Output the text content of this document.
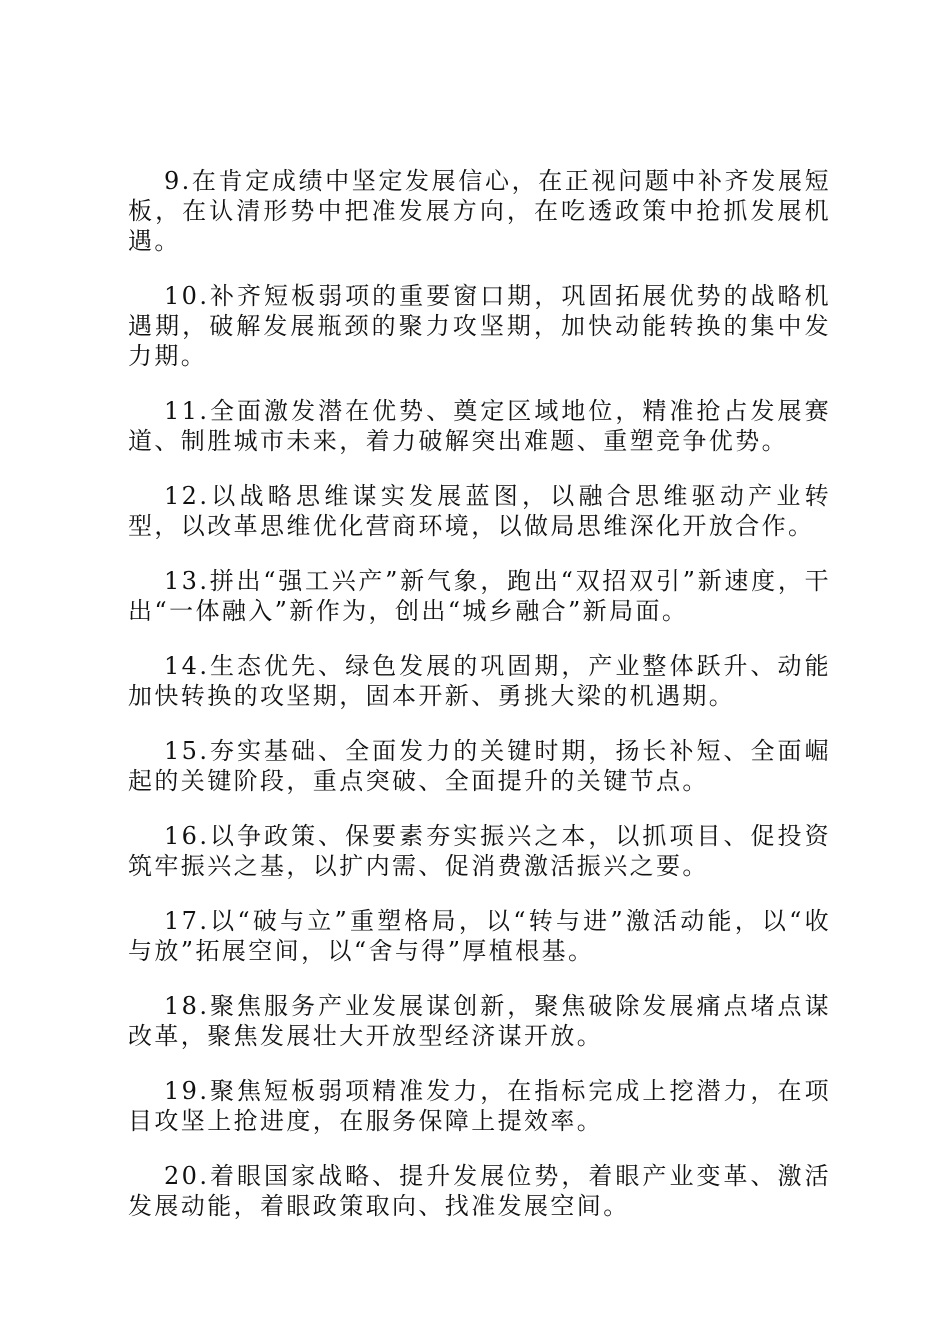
9.在肯定成绩中坚定发展信心，在正视问题中补齐发展短板，在认清形势中把准发展方向，在吃透政策中抢抓发展机遇。

10.补齐短板弱项的重要窗口期，巩固拓展优势的战略机遇期，破解发展瓶颈的聚力攻坚期，加快动能转换的集中发力期。

11.全面激发潜在优势、奠定区域地位，精准抢占发展赛道、制胜城市未来，着力破解突出难题、重塑竞争优势。

12.以战略思维谋实发展蓝图，以融合思维驱动产业转型，以改革思维优化营商环境，以做局思维深化开放合作。

13.拼出“强工兴产”新气象，跑出“双招双引”新速度，干出“一体融入”新作为，创出“城乡融合”新局面。

14.生态优先、绿色发展的巩固期，产业整体跃升、动能加快转换的攻坚期，固本开新、勇挑大梁的机遇期。

15.夯实基础、全面发力的关键时期，扬长补短、全面崛起的关键阶段，重点突破、全面提升的关键节点。

16.以争政策、保要素夯实振兴之本，以抓项目、促投资筑牢振兴之基，以扩内需、促消费激活振兴之要。

17.以“破与立”重塑格局，以“转与进”激活动能，以“收与放”拓展空间，以“舍与得”厚植根基。

18.聚焦服务产业发展谋创新，聚焦破除发展痛点堵点谋改革，聚焦发展壮大开放型经济谋开放。

19.聚焦短板弱项精准发力，在指标完成上挖潜力，在项目攻坚上抢进度，在服务保障上提效率。

20.着眼国家战略、提升发展位势，着眼产业变革、激活发展动能，着眼政策取向、找准发展空间。
